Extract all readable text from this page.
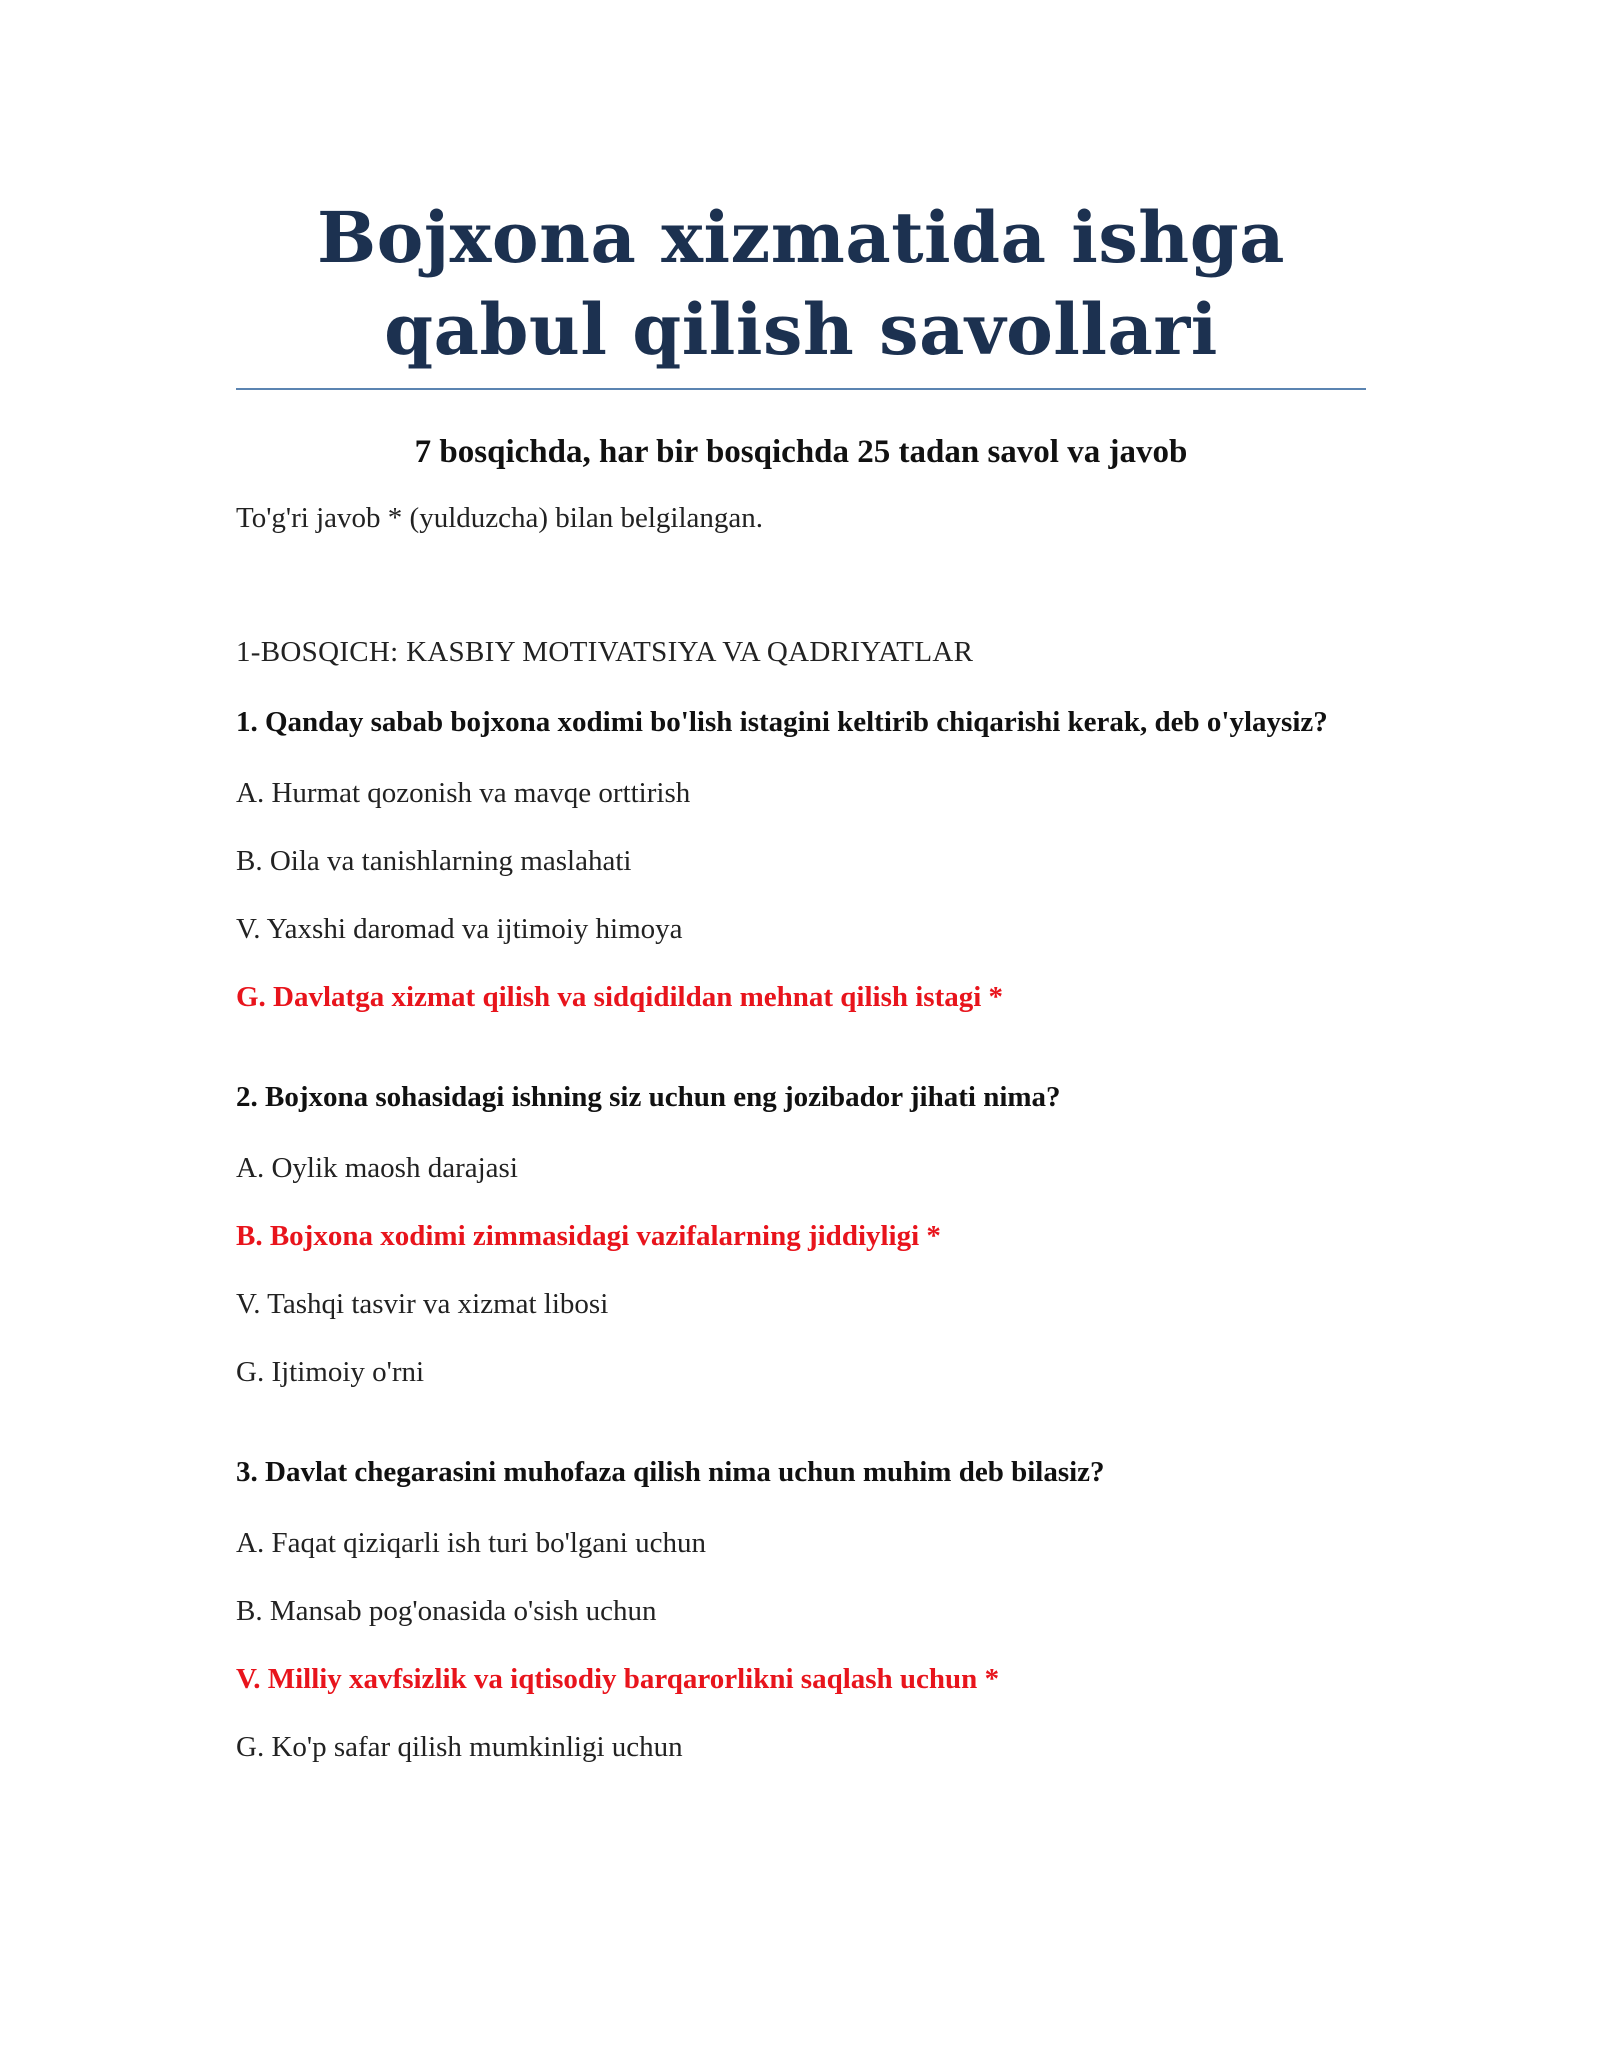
Bojxona xizmatida ishga qabul qilish savollari
7 bosqichda, har bir bosqichda 25 tadan savol va javob
To'g'ri javob * (yulduzcha) bilan belgilangan.
1-BOSQICH: KASBIY MOTIVATSIYA VA QADRIYATLAR
1. Qanday sabab bojxona xodimi bo'lish istagini keltirib chiqarishi kerak, deb o'ylaysiz?
A. Hurmat qozonish va mavqe orttirish
B. Oila va tanishlarning maslahati
V. Yaxshi daromad va ijtimoiy himoya
G. Davlatga xizmat qilish va sidqidildan mehnat qilish istagi *
2. Bojxona sohasidagi ishning siz uchun eng jozibador jihati nima?
A. Oylik maosh darajasi
B. Bojxona xodimi zimmasidagi vazifalarning jiddiyligi *
V. Tashqi tasvir va xizmat libosi
G. Ijtimoiy o'rni
3. Davlat chegarasini muhofaza qilish nima uchun muhim deb bilasiz?
A. Faqat qiziqarli ish turi bo'lgani uchun
B. Mansab pog'onasida o'sish uchun
V. Milliy xavfsizlik va iqtisodiy barqarorlikni saqlash uchun *
G. Ko'p safar qilish mumkinligi uchun
